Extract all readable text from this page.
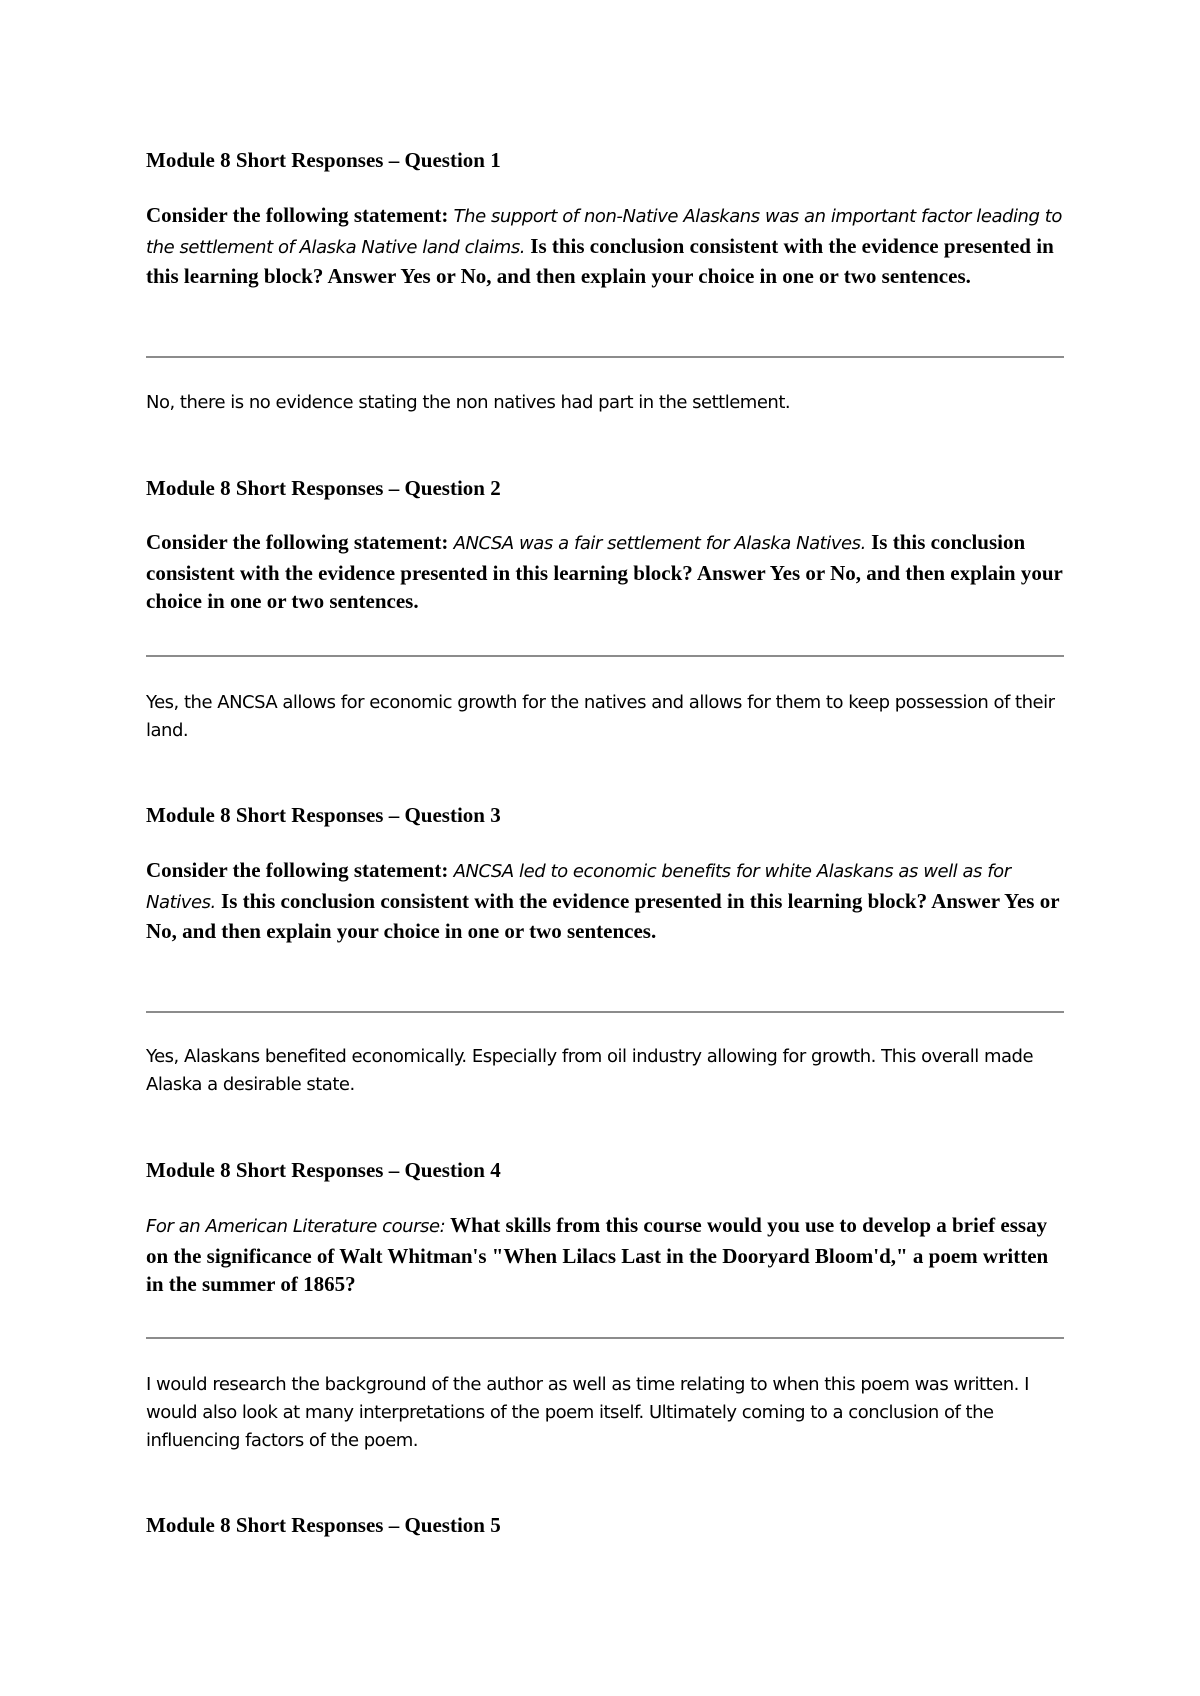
Module 8 Short Responses – Question 1
Consider the following statement: The support of non-Native Alaskans was an important factor leading to the settlement of Alaska Native land claims. Is this conclusion consistent with the evidence presented in this learning block? Answer Yes or No, and then explain your choice in one or two sentences.
No, there is no evidence stating the non natives had part in the settlement.
Module 8 Short Responses – Question 2
Consider the following statement: ANCSA was a fair settlement for Alaska Natives. Is this conclusion consistent with the evidence presented in this learning block? Answer Yes or No, and then explain your choice in one or two sentences.
Yes, the ANCSA allows for economic growth for the natives and allows for them to keep possession of their land.
Module 8 Short Responses – Question 3
Consider the following statement: ANCSA led to economic benefits for white Alaskans as well as for Natives. Is this conclusion consistent with the evidence presented in this learning block? Answer Yes or No, and then explain your choice in one or two sentences.
Yes, Alaskans benefited economically. Especially from oil industry allowing for growth. This overall made Alaska a desirable state.
Module 8 Short Responses – Question 4
For an American Literature course: What skills from this course would you use to develop a brief essay on the significance of Walt Whitman's "When Lilacs Last in the Dooryard Bloom'd," a poem written in the summer of 1865?
I would research the background of the author as well as time relating to when this poem was written. I would also look at many interpretations of the poem itself. Ultimately coming to a conclusion of the influencing factors of the poem.
Module 8 Short Responses – Question 5
